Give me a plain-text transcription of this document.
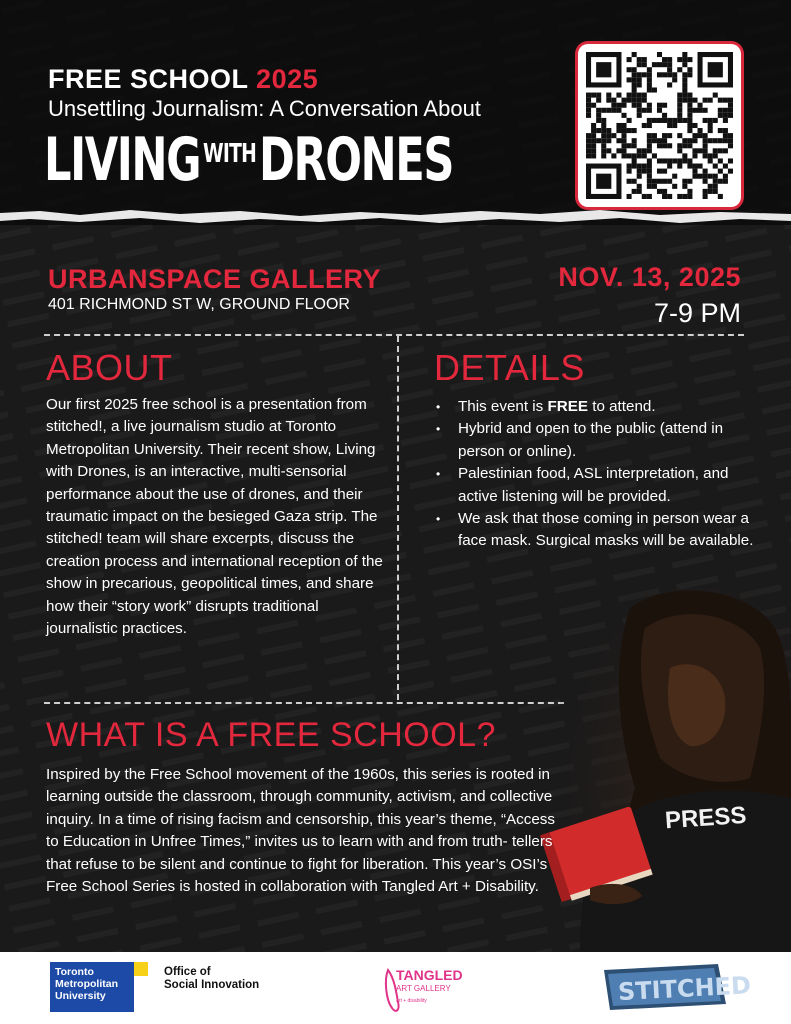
FREE SCHOOL 2025
Unsettling Journalism: A Conversation About
LIVING $^{WITH}$DRONES
URBANSPACE GALLERY
401 RICHMOND ST W, GROUND FLOOR
NOV. 13, 2025
7-9 PM
ABOUT
Our first 2025 free school is a presentation from stitched!, a live journalism studio at Toronto Metropolitan University. Their recent show, Living with Drones, is an interactive, multi-sensorial performance about the use of drones, and their traumatic impact on the besieged Gaza strip. The stitched! team will share excerpts, discuss the creation process and international reception of the show in precarious, geopolitical times, and share how their “story work” disrupts traditional journalistic practices.
DETAILS
• This event is FREE to attend.
• Hybrid and open to the public (attend in person or online).
• Palestinian food, ASL interpretation, and active listening will be provided.
• We ask that those coming in person wear a face mask. Surgical masks will be available.
PRESS
WHAT IS A FREE SCHOOL?
Inspired by the Free School movement of the 1960s, this series is rooted in learning outside the classroom, through community, activism, and collective inquiry. In a time of rising facism and censorship, this year’s theme, “Access to Education in Unfree Times,” invites us to learn with and from truth- tellers that refuse to be silent and continue to fight for liberation. This year’s OSI’s Free School Series is hosted in collaboration with Tangled Art + Disability.
Toronto
Metropolitan
University
Office of
Social Innovation
TANGLED
ART GALLERY
art + disability	STITCHED
